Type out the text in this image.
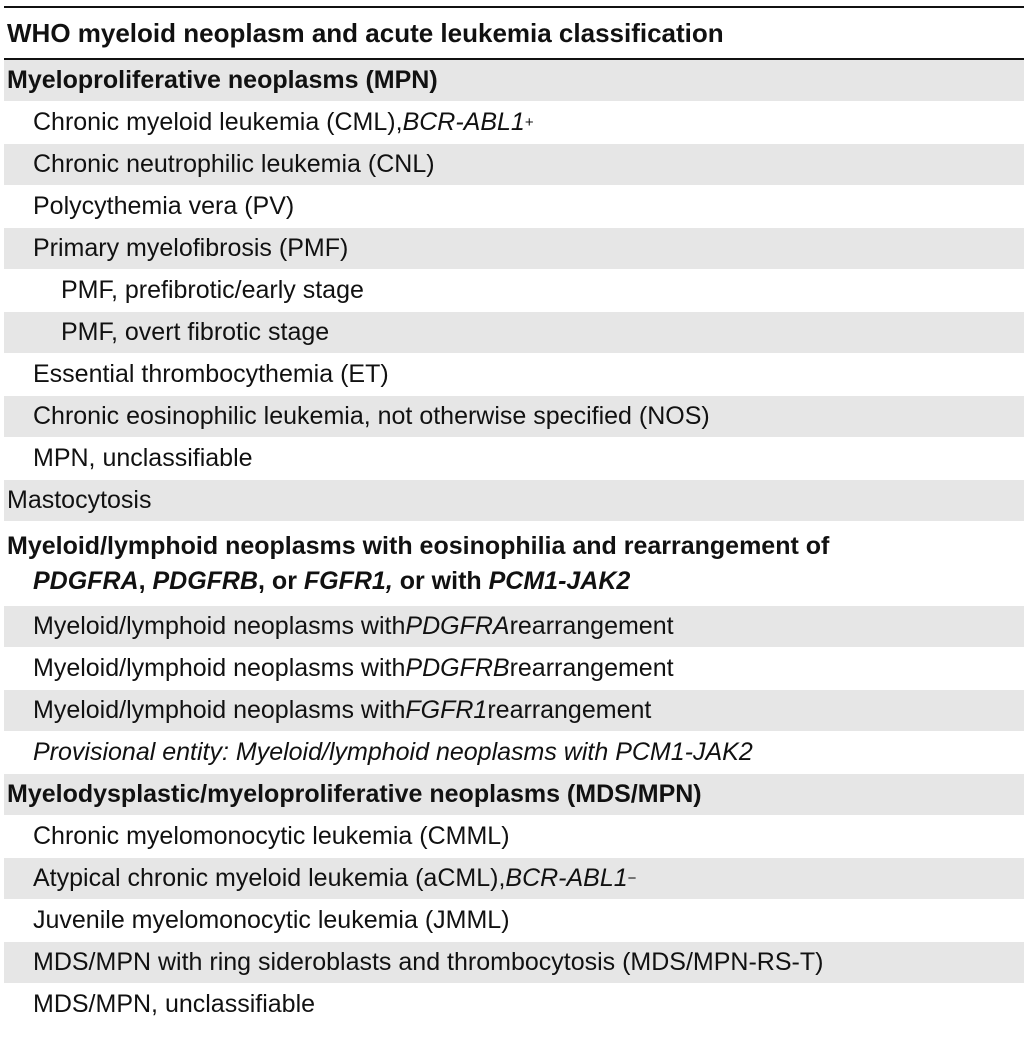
WHO myeloid neoplasm and acute leukemia classification
Myeloproliferative neoplasms (MPN)
Chronic myeloid leukemia (CML), BCR-ABL1 +
Chronic neutrophilic leukemia (CNL)
Polycythemia vera (PV)
Primary myelofibrosis (PMF)
PMF, prefibrotic/early stage
PMF, overt fibrotic stage
Essential thrombocythemia (ET)
Chronic eosinophilic leukemia, not otherwise specified (NOS)
MPN, unclassifiable
Mastocytosis
Myeloid/lymphoid neoplasms with eosinophilia and rearrangement of
PDGFRA, PDGFRB, or FGFR1, or with PCM1-JAK2
Myeloid/lymphoid neoplasms with PDGFRA rearrangement
Myeloid/lymphoid neoplasms with PDGFRB rearrangement
Myeloid/lymphoid neoplasms with FGFR1 rearrangement
Provisional entity: Myeloid/lymphoid neoplasms with PCM1-JAK2
Myelodysplastic/myeloproliferative neoplasms (MDS/MPN)
Chronic myelomonocytic leukemia (CMML)
Atypical chronic myeloid leukemia (aCML), BCR-ABL1 −
Juvenile myelomonocytic leukemia (JMML)
MDS/MPN with ring sideroblasts and thrombocytosis (MDS/MPN-RS-T)
MDS/MPN, unclassifiable
